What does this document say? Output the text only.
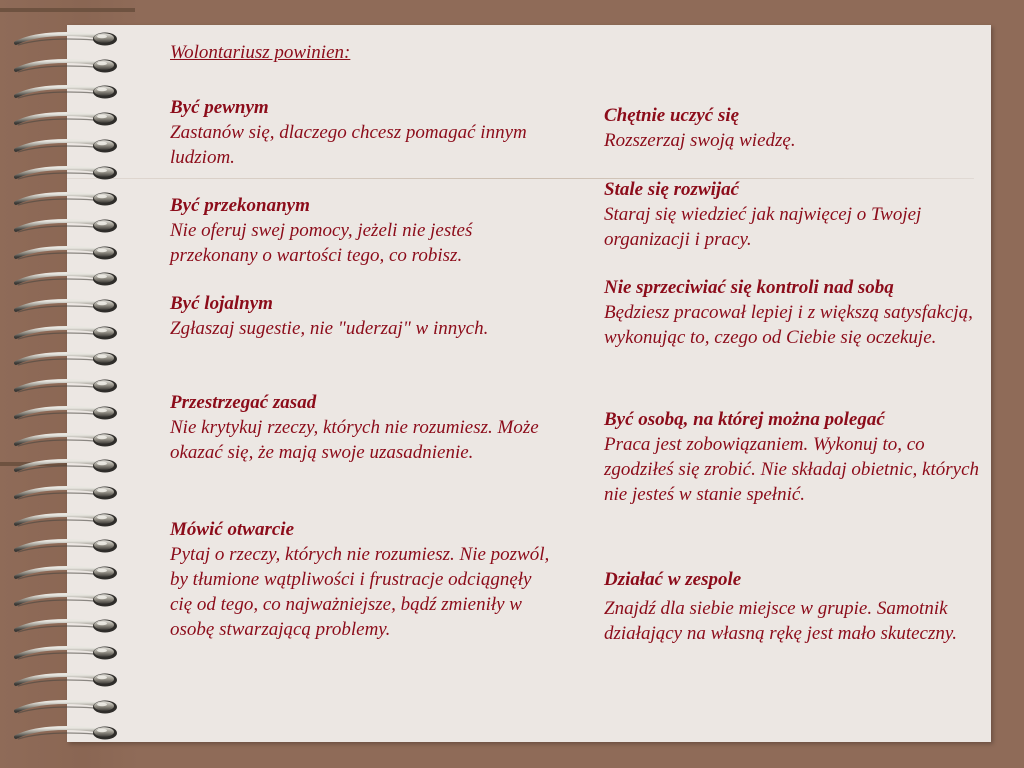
Wolontariusz powinien:
Być pewnym
Zastanów się, dlaczego chcesz pomagać innym ludziom.
Być przekonanym
Nie oferuj swej pomocy, jeżeli nie jesteś przekonany o wartości tego, co robisz.
Być lojalnym
Zgłaszaj sugestie, nie "uderzaj" w innych.
Przestrzegać zasad
Nie krytykuj rzeczy, których nie rozumiesz. Może okazać się, że mają swoje uzasadnienie.
Mówić otwarcie
Pytaj o rzeczy, których nie rozumiesz. Nie pozwól, by tłumione wątpliwości i frustracje odciągnęły cię od tego, co najważniejsze, bądź zmieniły w osobę stwarzającą problemy.
Chętnie uczyć się
Rozszerzaj swoją wiedzę.
Stale się rozwijać
Staraj się wiedzieć jak najwięcej o Twojej organizacji i pracy.
Nie sprzeciwiać się kontroli nad sobą
Będziesz pracował lepiej i z większą satysfakcją, wykonując to, czego od Ciebie się oczekuje.
Być osobą, na której można polegać
Praca jest zobowiązaniem. Wykonuj to, co zgodziłeś się zrobić. Nie składaj obietnic, których nie jesteś w stanie spełnić.
Działać w zespole
Znajdź dla siebie miejsce w grupie. Samotnik działający na własną rękę jest mało skuteczny.
